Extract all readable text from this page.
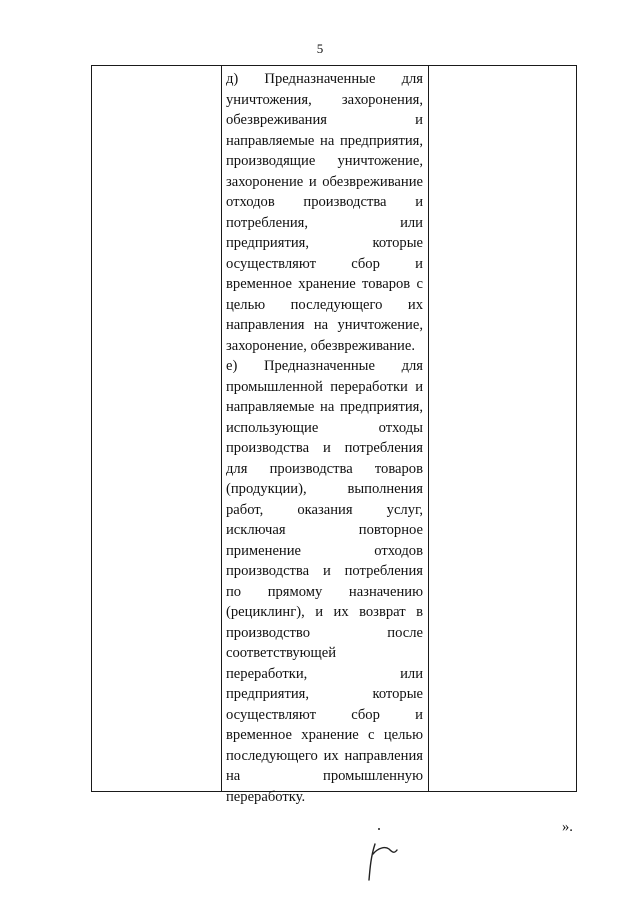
5
д) Предназначенные для
уничтожения, захоронения,
обезвреживания и
направляемые на предприятия,
производящие уничтожение,
захоронение и обезвреживание
отходов производства и
потребления, или
предприятия, которые
осуществляют сбор и
временное хранение товаров с
целью последующего их
направления на уничтожение,
захоронение, обезвреживание.
е) Предназначенные для
промышленной переработки и
направляемые на предприятия,
использующие отходы
производства и потребления
для производства товаров
(продукции), выполнения
работ, оказания услуг,
исключая повторное
применение отходов
производства и потребления
по прямому назначению
(рециклинг), и их возврат в
производство после
соответствующей
переработки, или
предприятия, которые
осуществляют сбор и
временное хранение с целью
последующего их направления
на промышленную
переработку.
».
